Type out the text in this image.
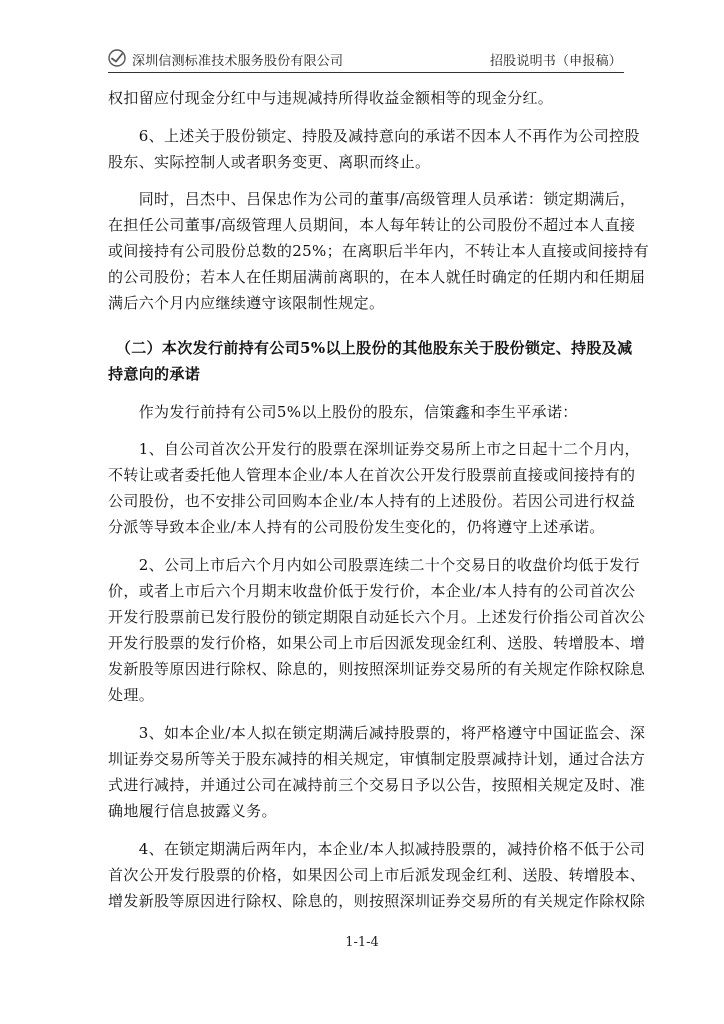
深圳信测标准技术服务股份有限公司	招股说明书（申报稿）
权扣留应付现金分红中与违规减持所得收益金额相等的现金分红。
　　6、上述关于股份锁定、持股及减持意向的承诺不因本人不再作为公司控股
股东、实际控制人或者职务变更、离职而终止。
　　同时，吕杰中、吕保忠作为公司的董事/高级管理人员承诺：锁定期满后，
在担任公司董事/高级管理人员期间，本人每年转让的公司股份不超过本人直接
或间接持有公司股份总数的25%；在离职后半年内，不转让本人直接或间接持有
的公司股份；若本人在任期届满前离职的，在本人就任时确定的任期内和任期届
满后六个月内应继续遵守该限制性规定。
　（二）本次发行前持有公司5%以上股份的其他股东关于股份锁定、持股及减
持意向的承诺
　　作为发行前持有公司5%以上股份的股东，信策鑫和李生平承诺：
　　1、自公司首次公开发行的股票在深圳证券交易所上市之日起十二个月内，
不转让或者委托他人管理本企业/本人在首次公开发行股票前直接或间接持有的
公司股份，也不安排公司回购本企业/本人持有的上述股份。若因公司进行权益
分派等导致本企业/本人持有的公司股份发生变化的，仍将遵守上述承诺。
　　2、公司上市后六个月内如公司股票连续二十个交易日的收盘价均低于发行
价，或者上市后六个月期末收盘价低于发行价，本企业/本人持有的公司首次公
开发行股票前已发行股份的锁定期限自动延长六个月。上述发行价指公司首次公
开发行股票的发行价格，如果公司上市后因派发现金红利、送股、转增股本、增
发新股等原因进行除权、除息的，则按照深圳证券交易所的有关规定作除权除息
处理。
　　3、如本企业/本人拟在锁定期满后减持股票的，将严格遵守中国证监会、深
圳证券交易所等关于股东减持的相关规定，审慎制定股票减持计划，通过合法方
式进行减持，并通过公司在减持前三个交易日予以公告，按照相关规定及时、准
确地履行信息披露义务。
　　4、在锁定期满后两年内，本企业/本人拟减持股票的，减持价格不低于公司
首次公开发行股票的价格，如果因公司上市后派发现金红利、送股、转增股本、
增发新股等原因进行除权、除息的，则按照深圳证券交易所的有关规定作除权除
1-1-4
